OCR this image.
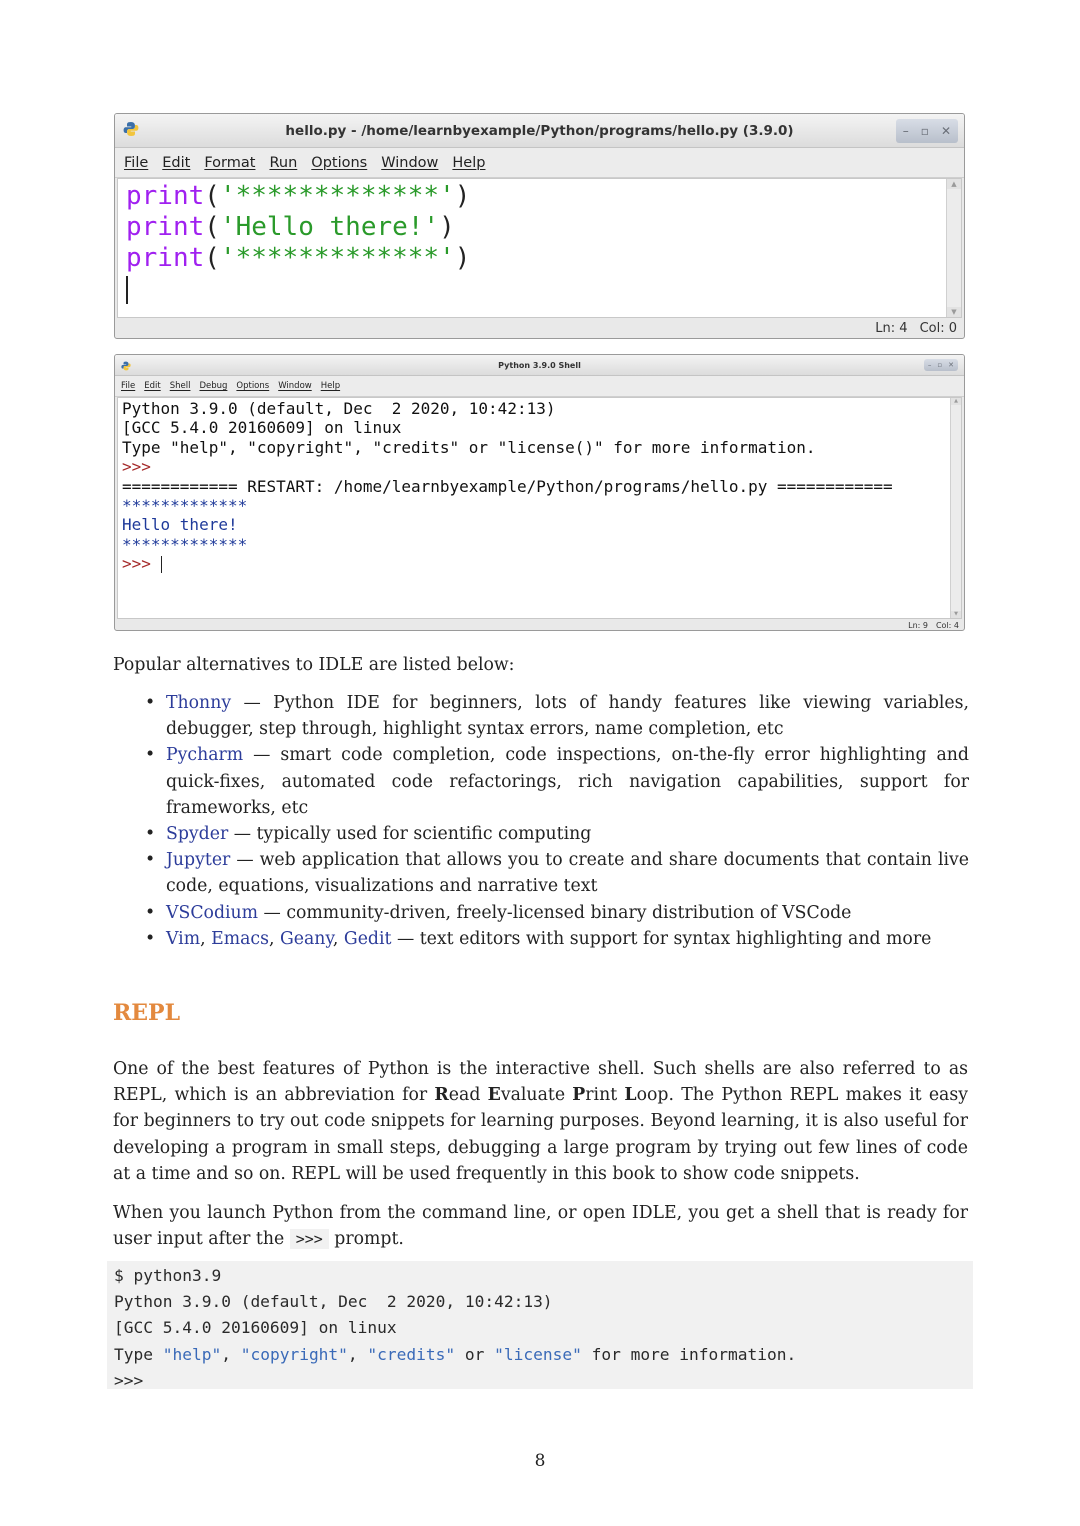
hello.py - /home/learnbyexample/Python/programs/hello.py (3.9.0)	– ▫ ✕
File Edit Format Run Options Window Help
print('*************')
print('Hello there!')
print('*************')
▲
▼
Ln: 4 Col: 0
Python 3.9.0 Shell	– ▫ ✕
File Edit Shell Debug Options Window Help
Python 3.9.0 (default, Dec  2 2020, 10:42:13)
[GCC 5.4.0 20160609] on linux
Type "help", "copyright", "credits" or "license()" for more information.
>>>
============ RESTART: /home/learnbyexample/Python/programs/hello.py ============
*************
Hello there!
*************
>>>
▲
▼
Ln: 9 Col: 4

Popular alternatives to IDLE are listed below:

• Thonny — Python IDE for beginners, lots of handy features like viewing variables, debugger, step through, highlight syntax errors, name completion, etc
• Pycharm — smart code completion, code inspections, on-the-fly error highlighting and quick-fixes, automated code refactorings, rich navigation capabilities, support for frameworks, etc
• Spyder — typically used for scientific computing
• Jupyter — web application that allows you to create and share documents that contain live code, equations, visualizations and narrative text
• VSCodium — community-driven, freely-licensed binary distribution of VSCode
• Vim, Emacs, Geany, Gedit — text editors with support for syntax highlighting and more
REPL

One of the best features of Python is the interactive shell. Such shells are also referred to as REPL, which is an abbreviation for Read Evaluate Print Loop. The Python REPL makes it easy for beginners to try out code snippets for learning purposes. Beyond learning, it is also useful for developing a program in small steps, debugging a large program by trying out few lines of code at a time and so on. REPL will be used frequently in this book to show code snippets.

When you launch Python from the command line, or open IDLE, you get a shell that is ready for user input after the >>> prompt.

$ python3.9
Python 3.9.0 (default, Dec  2 2020, 10:42:13)
[GCC 5.4.0 20160609] on linux
Type "help", "copyright", "credits" or "license" for more information.
>>>
8
